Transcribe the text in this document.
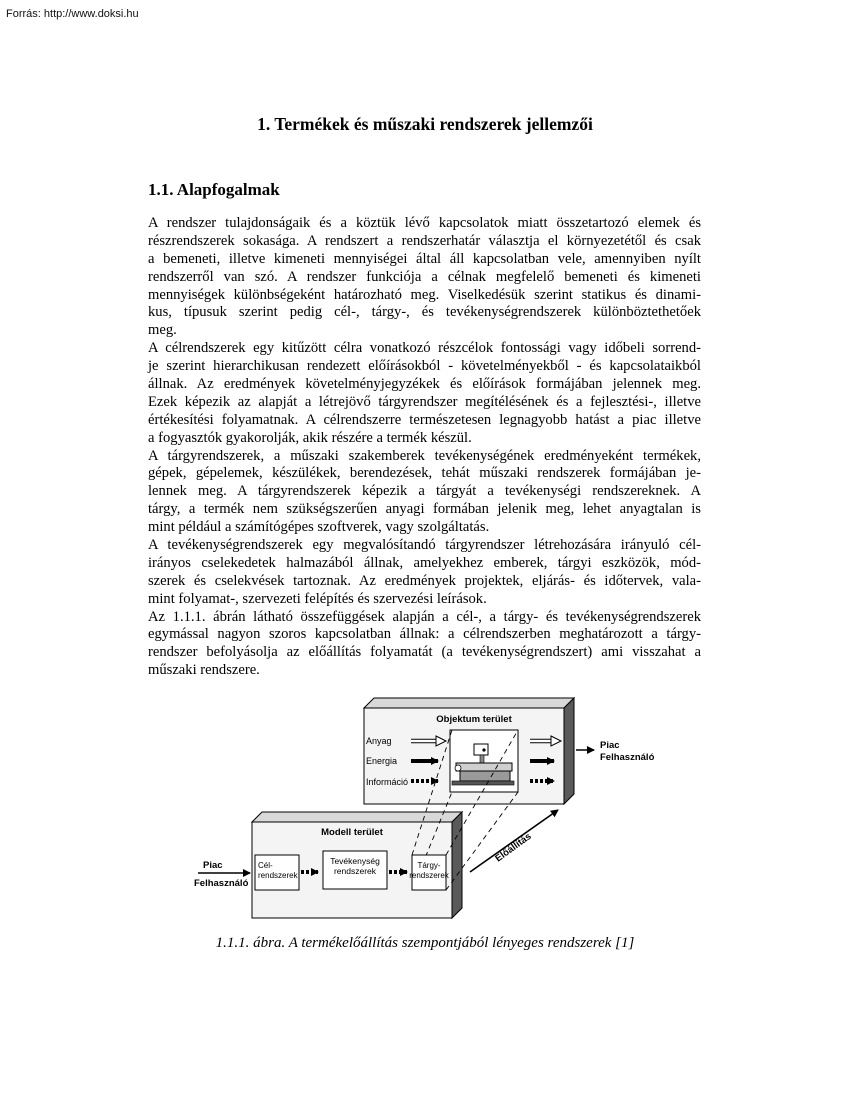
Forrás: http://www.doksi.hu
1. Termékek és műszaki rendszerek jellemzői
1.1. Alapfogalmak
A rendszer tulajdonságaik és a köztük lévő kapcsolatok miatt összetartozó elemek és
részrendszerek sokasága. A rendszert a rendszerhatár választja el környezetétől és csak
a bemeneti, illetve kimeneti mennyiségei által áll kapcsolatban vele, amennyiben nyílt
rendszerről van szó. A rendszer funkciója a célnak megfelelő bemeneti és kimeneti
mennyiségek különbségeként határozható meg. Viselkedésük szerint statikus és dinami-
kus, típusuk szerint pedig cél-, tárgy-, és tevékenységrendszerek különböztethetőek
meg.
A célrendszerek egy kitűzött célra vonatkozó részcélok fontossági vagy időbeli sorrend-
je szerint hierarchikusan rendezett előírásokból - követelményekből - és kapcsolataikból
állnak. Az eredmények követelményjegyzékek és előírások formájában jelennek meg.
Ezek képezik az alapját a létrejövő tárgyrendszer megítélésének és a fejlesztési-, illetve
értékesítési folyamatnak. A célrendszerre természetesen legnagyobb hatást a piac illetve
a fogyasztók gyakorolják, akik részére a termék készül.
A tárgyrendszerek, a műszaki szakemberek tevékenységének eredményeként termékek,
gépek, gépelemek, készülékek, berendezések, tehát műszaki rendszerek formájában je-
lennek meg. A tárgyrendszerek képezik a tárgyát a tevékenységi rendszereknek. A
tárgy, a termék nem szükségszerűen anyagi formában jelenik meg, lehet anyagtalan is
mint például a számítógépes szoftverek, vagy szolgáltatás.
A tevékenységrendszerek egy megvalósítandó tárgyrendszer létrehozására irányuló cél-
irányos cselekedetek halmazából állnak, amelyekhez emberek, tárgyi eszközök, mód-
szerek és cselekvések tartoznak. Az eredmények projektek, eljárás- és időtervek, vala-
mint folyamat-, szervezeti felépítés és szervezési leírások.
Az 1.1.1. ábrán látható összefüggések alapján a cél-, a tárgy- és tevékenységrendszerek
egymással nagyon szoros kapcsolatban állnak: a célrendszerben meghatározott a tárgy-
rendszer befolyásolja az előállítás folyamatát (a tevékenységrendszert) ami visszahat a
műszaki rendszere.
Objektum terület
Anyag
Energia
Információ
Piac
Felhasználó
Modell terület
Cél-
rendszerek
Tevékenység
rendszerek
Tárgy-
rendszerek
Piac
Felhasználó
Előállítás
1.1.1. ábra. A termékelőállítás szempontjából lényeges rendszerek [1]
